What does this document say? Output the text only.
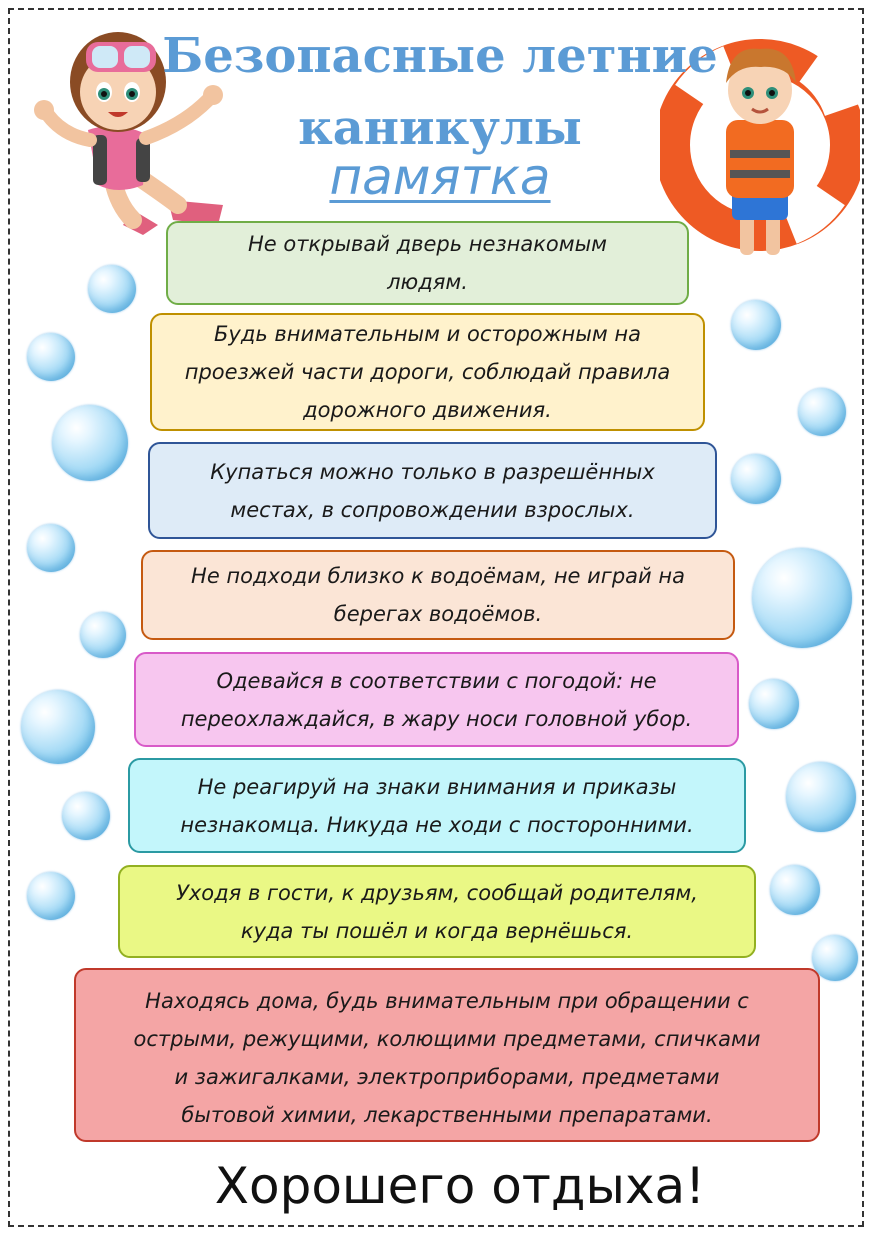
Безопасные летние
каникулы
памятка
Не открывай дверь незнакомым
людям.
Будь внимательным и осторожным на
проезжей части дороги, соблюдай правила
дорожного движения.
Купаться можно только в разрешённых
местах, в сопровождении взрослых.
Не подходи близко к водоёмам, не играй на
берегах водоёмов.
Одевайся в соответствии с погодой: не
переохлаждайся, в жару носи головной убор.
Не реагируй на знаки внимания и приказы
незнакомца. Никуда не ходи с посторонними.
Уходя в гости, к друзьям, сообщай родителям,
куда ты пошёл и когда вернёшься.
Находясь дома, будь внимательным при обращении с
острыми, режущими, колющими предметами, спичками
и зажигалками, электроприборами, предметами
бытовой химии, лекарственными препаратами.
Хорошего отдыха!
